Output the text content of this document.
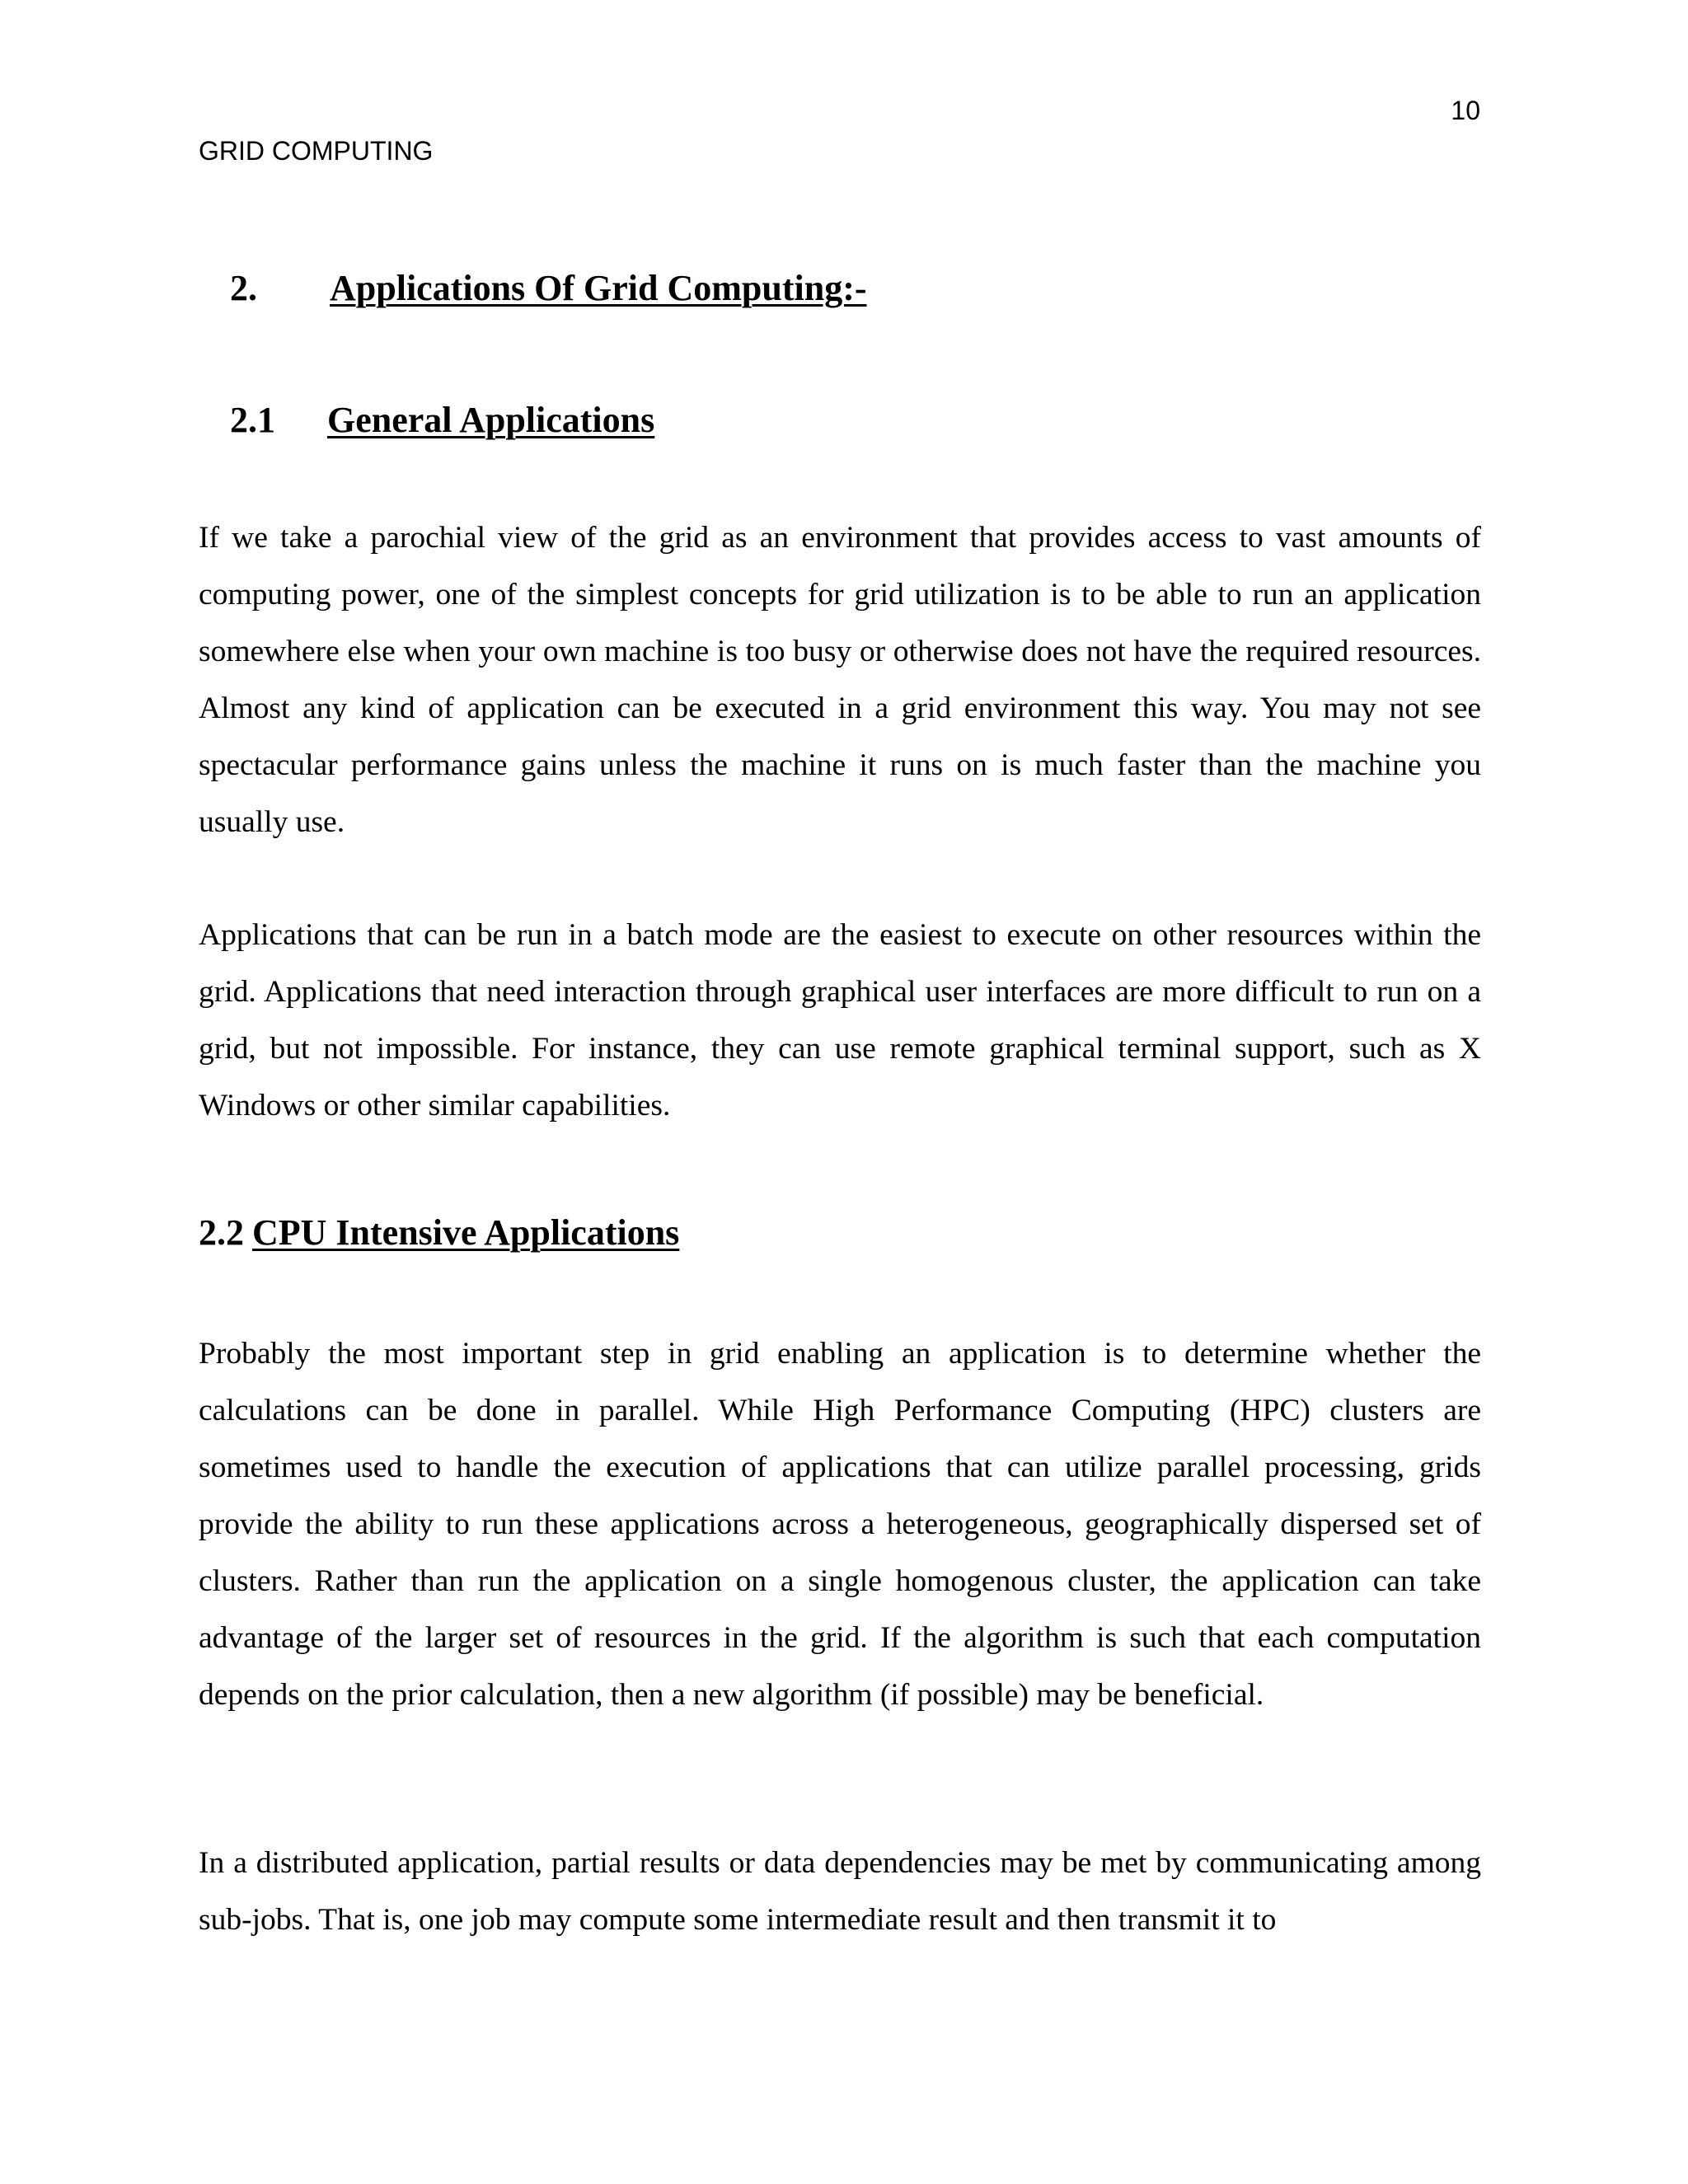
10
GRID COMPUTING
2. Applications Of Grid Computing:-
2.1 General Applications

If we take a parochial view of the grid as an environment that provides access to vast amounts of computing power, one of the simplest concepts for grid utilization is to be able to run an application somewhere else when your own machine is too busy or otherwise does not have the required resources. Almost any kind of application can be executed in a grid environment this way. You may not see spectacular performance gains unless the machine it runs on is much faster than the machine you usually use.

Applications that can be run in a batch mode are the easiest to execute on other resources within the grid. Applications that need interaction through graphical user interfaces are more difficult to run on a grid, but not impossible. For instance, they can use remote graphical terminal support, such as X Windows or other similar capabilities.

2.2 CPU Intensive Applications

Probably the most important step in grid enabling an application is to determine whether the calculations can be done in parallel. While High Performance Computing (HPC) clusters are sometimes used to handle the execution of applications that can utilize parallel processing, grids provide the ability to run these applications across a heterogeneous, geographically dispersed set of clusters. Rather than run the application on a single homogenous cluster, the application can take advantage of the larger set of resources in the grid. If the algorithm is such that each computation depends on the prior calculation, then a new algorithm (if possible) may be beneficial.

In a distributed application, partial results or data dependencies may be met by communicating among sub-jobs. That is, one job may compute some intermediate result and then transmit it to
